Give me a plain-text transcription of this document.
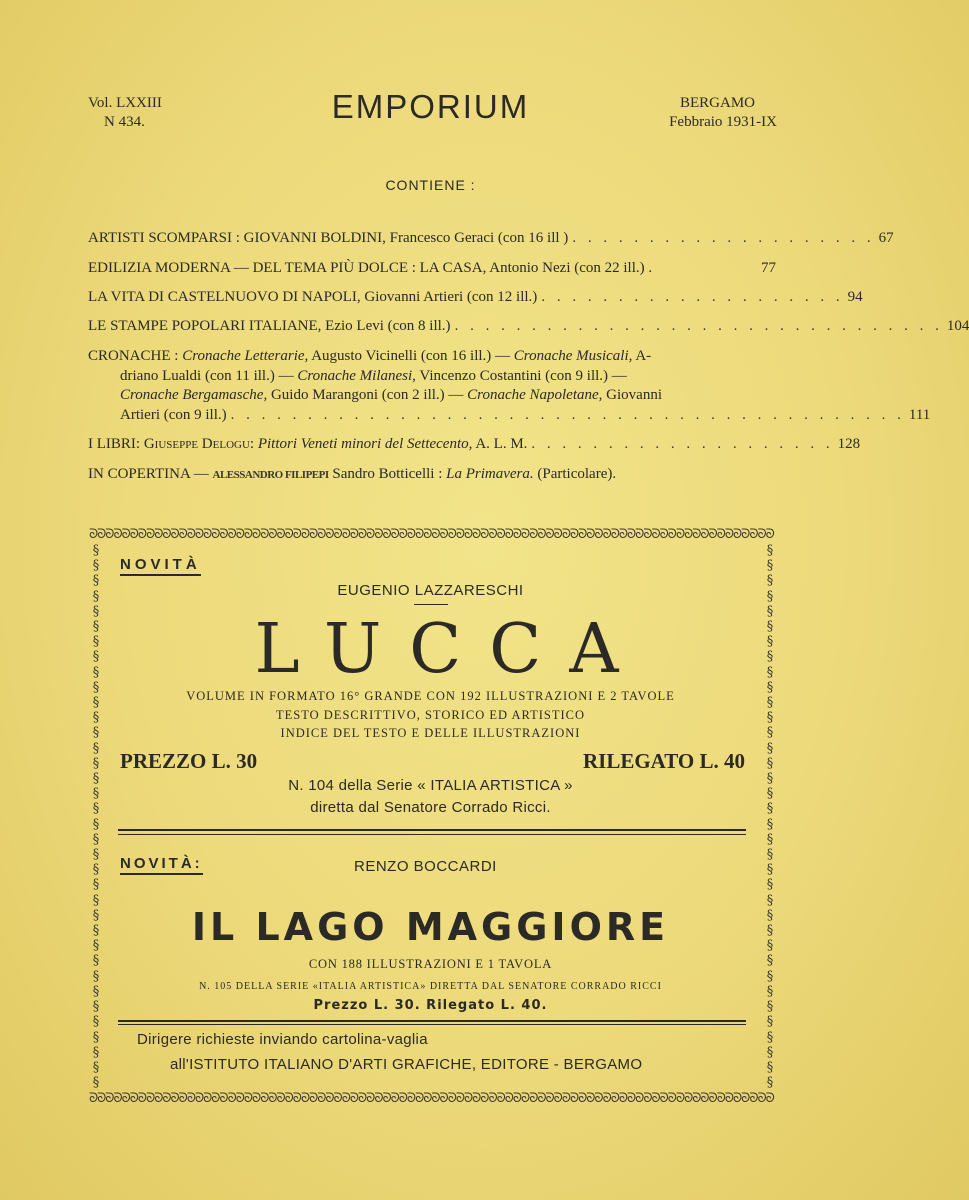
Vol. LXXIII
N 434.	EMPORIUM	BERGAMO
Febbraio 1931-IX
CONTIENE :
ARTISTI SCOMPARSI : GIOVANNI BOLDINI, Francesco Geraci (con 16 ill ) . . . . . . . . . . . . . . . . . . . . 67
EDILIZIA MODERNA — DEL TEMA PIÙ DOLCE : LA CASA, Antonio Nezi (con 22 ill.) .	77
LA VITA DI CASTELNUOVO DI NAPOLI, Giovanni Artieri (con 12 ill.) . . . . . . . . . . . . . . . . . . . . 94
LE STAMPE POPOLARI ITALIANE, Ezio Levi (con 8 ill.) . . . . . . . . . . . . . . . . . . . . . . . . . . . . . . . . 104
CRONACHE : Cronache Letterarie, Augusto Vicinelli (con 16 ill.) — Cronache Musicali, A-
driano Lualdi (con 11 ill.) — Cronache Milanesi, Vincenzo Costantini (con 9 ill.) —
Cronache Bergamasche, Guido Marangoni (con 2 ill.) — Cronache Napoletane, Giovanni
Artieri (con 9 ill.) . . . . . . . . . . . . . . . . . . . . . . . . . . . . . . . . . . . . . . . . . . . . 111
I LIBRI: Giuseppe Delogu: Pittori Veneti minori del Settecento, A. L. M. . . . . . . . . . . . . . . . . . . . . 128
IN COPERTINA — ALESSANDRO FILIPEPI Sandro Botticelli : La Primavera. (Particolare).
ᘐᘐᘐᘐᘐᘐᘐᘐᘐᘐᘐᘐᘐᘐᘐᘐᘐᘐᘐᘐᘐᘐᘐᘐᘐᘐᘐᘐᘐᘐᘐᘐᘐᘐᘐᘐᘐᘐᘐᘐᘐᘐᘐᘐᘐᘐᘐᘐᘐᘐᘐᘐᘐᘐᘐᘐᘐᘐᘐᘐᘐᘐᘐᘐᘐᘐᘐᘐᘐᘐᘐᘐᘐᘐᘐᘐᘐᘐᘐᘐᘐᘐᘐᘐ
§
§
§
§
§
§
§
§
§
§
§
§
§
§
§
§
§
§
§
§
§
§
§
§
§
§
§
§
§
§
§
§
§
§
§
§
§
§
§
§
§
§
§
§
§
§
§
§
§
§
§
§
§
§
§
§
§
§
§
§
§
§
§
§
§
§
§
§
§
§
§
§
ᘐᘐᘐᘐᘐᘐᘐᘐᘐᘐᘐᘐᘐᘐᘐᘐᘐᘐᘐᘐᘐᘐᘐᘐᘐᘐᘐᘐᘐᘐᘐᘐᘐᘐᘐᘐᘐᘐᘐᘐᘐᘐᘐᘐᘐᘐᘐᘐᘐᘐᘐᘐᘐᘐᘐᘐᘐᘐᘐᘐᘐᘐᘐᘐᘐᘐᘐᘐᘐᘐᘐᘐᘐᘐᘐᘐᘐᘐᘐᘐᘐᘐᘐᘐ
NOVITÀ
EUGENIO LAZZARESCHI
LUCCA
VOLUME IN FORMATO 16° GRANDE CON 192 ILLUSTRAZIONI E 2 TAVOLE
TESTO DESCRITTIVO, STORICO ED ARTISTICO
INDICE DEL TESTO E DELLE ILLUSTRAZIONI
PREZZO L. 30	RILEGATO L. 40
N. 104 della Serie « ITALIA ARTISTICA »
diretta dal Senatore Corrado Ricci.
NOVITÀ:	RENZO BOCCARDI
IL LAGO MAGGIORE
CON 188 ILLUSTRAZIONI E 1 TAVOLA
N. 105 DELLA SERIE «ITALIA ARTISTICA» DIRETTA DAL SENATORE CORRADO RICCI
Prezzo L. 30. Rilegato L. 40.
Dirigere richieste inviando cartolina-vaglia
all'ISTITUTO ITALIANO D'ARTI GRAFICHE, EDITORE - BERGAMO
